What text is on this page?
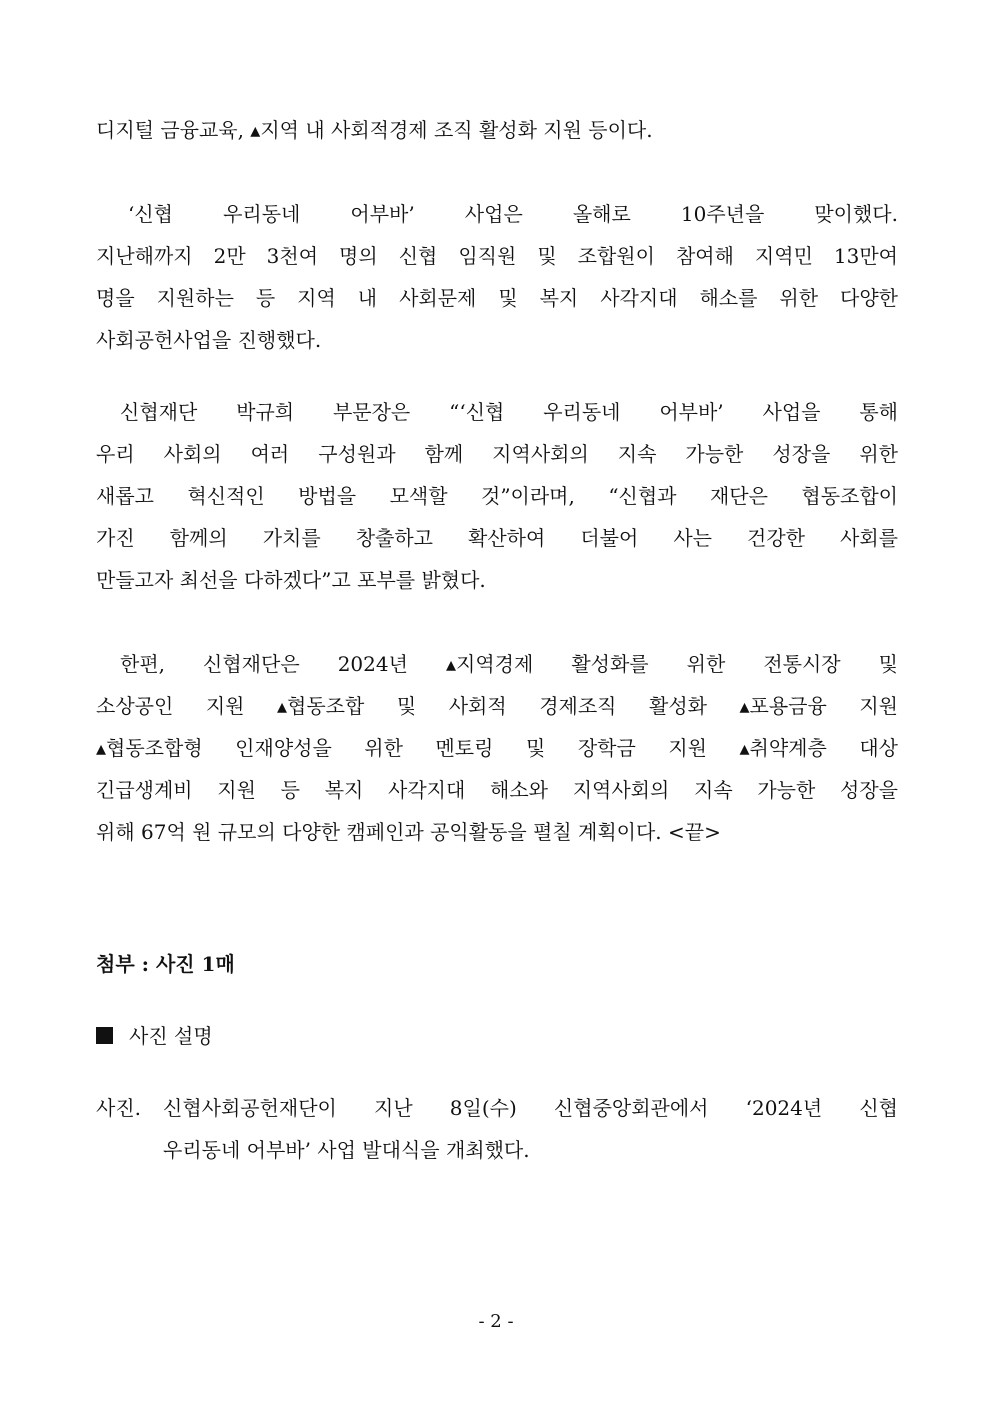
디지털 금융교육, ▴지역 내 사회적경제 조직 활성화 지원 등이다.
‘신협 우리동네 어부바’ 사업은 올해로 10주년을 맞이했다.
지난해까지 2만 3천여 명의 신협 임직원 및 조합원이 참여해 지역민 13만여
명을 지원하는 등 지역 내 사회문제 및 복지 사각지대 해소를 위한 다양한
사회공헌사업을 진행했다.
신협재단 박규희 부문장은 “‘신협 우리동네 어부바’ 사업을 통해
우리 사회의 여러 구성원과 함께 지역사회의 지속 가능한 성장을 위한
새롭고 혁신적인 방법을 모색할 것”이라며, “신협과 재단은 협동조합이
가진 함께의 가치를 창출하고 확산하여 더불어 사는 건강한 사회를
만들고자 최선을 다하겠다”고 포부를 밝혔다.
한편, 신협재단은 2024년 ▴지역경제 활성화를 위한 전통시장 및
소상공인 지원 ▴협동조합 및 사회적 경제조직 활성화 ▴포용금융 지원
▴협동조합형 인재양성을 위한 멘토링 및 장학금 지원 ▴취약계층 대상
긴급생계비 지원 등 복지 사각지대 해소와 지역사회의 지속 가능한 성장을
위해 67억 원 규모의 다양한 캠페인과 공익활동을 펼칠 계획이다. <끝>
첨부 : 사진 1매
사진 설명
사진. 신협사회공헌재단이 지난 8일(수) 신협중앙회관에서 ‘2024년 신협
우리동네 어부바’ 사업 발대식을 개최했다.
- 2 -
